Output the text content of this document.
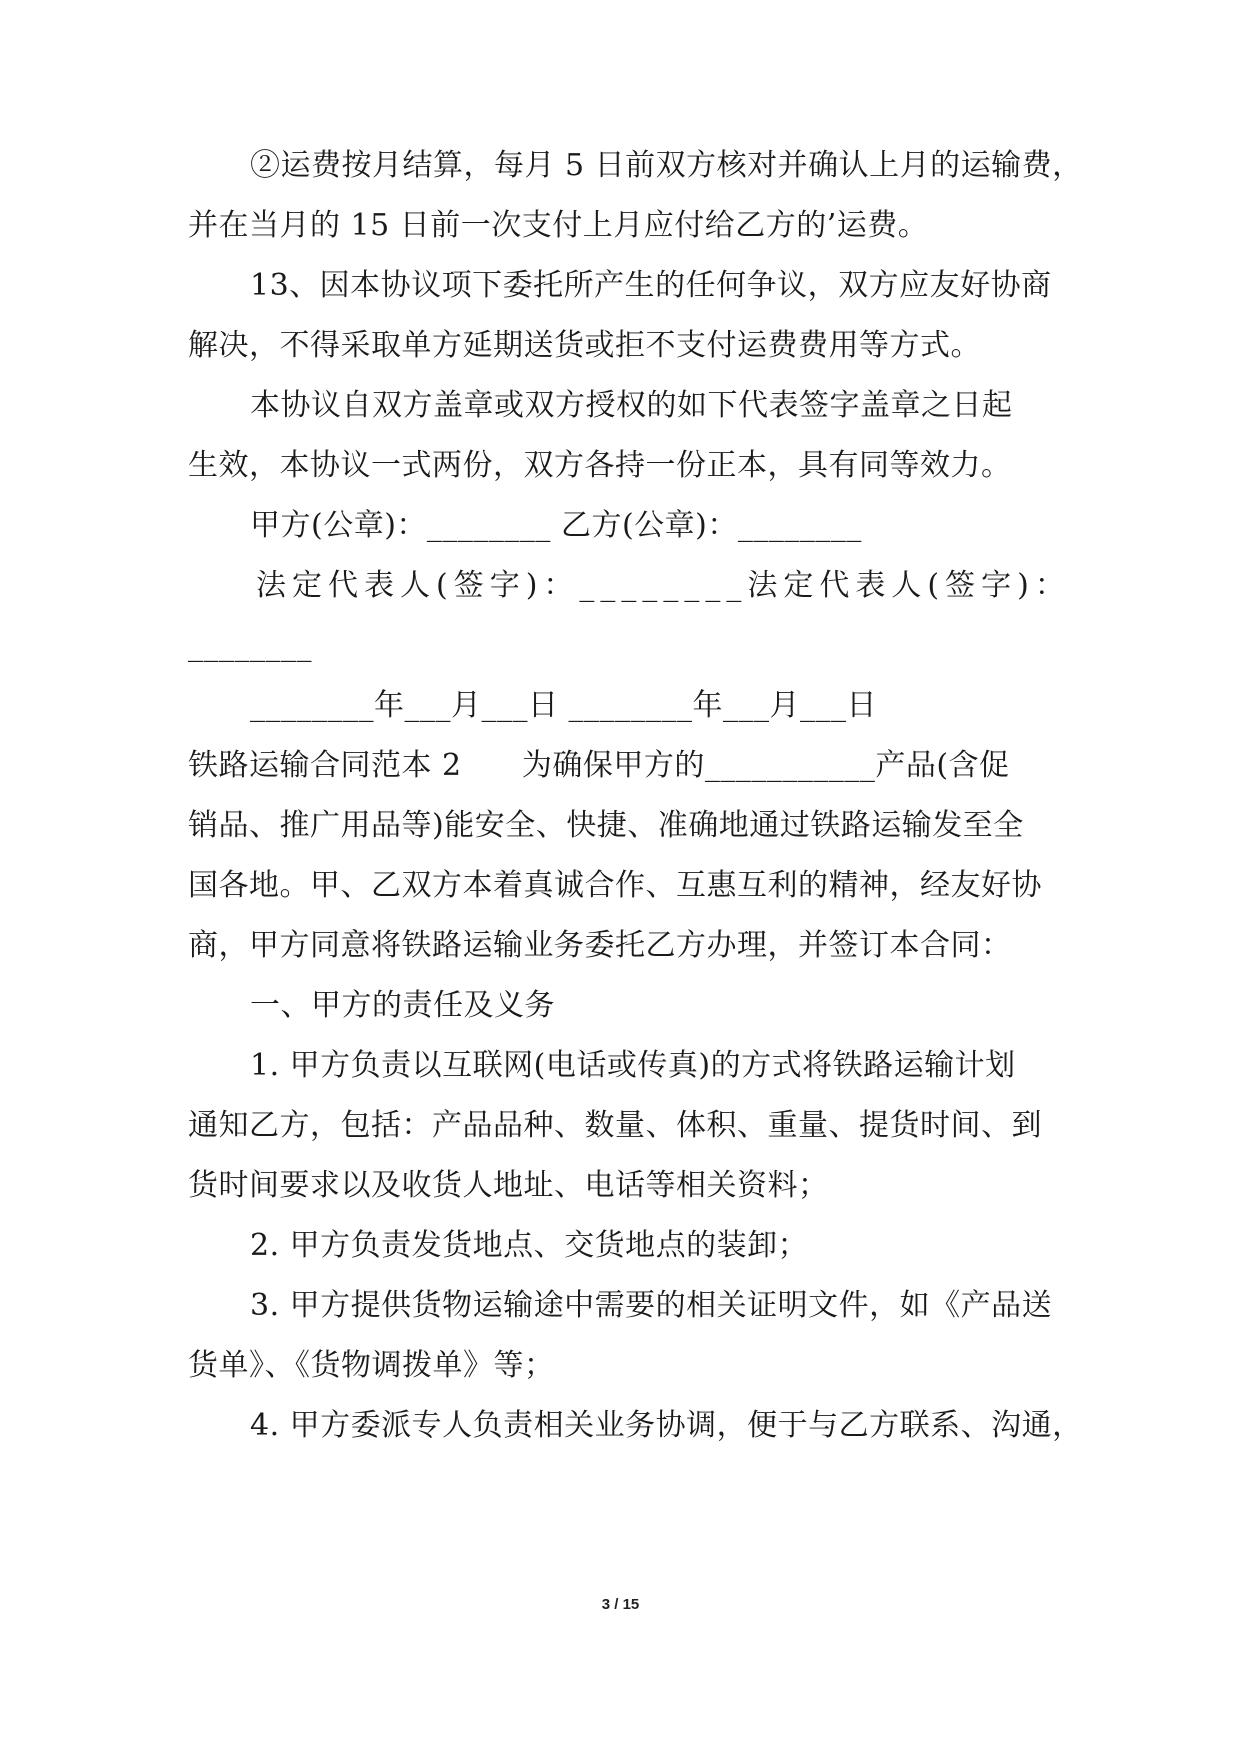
②运费按月结算，每月 5 日前双方核对并确认上月的运输费，
并在当月的 15 日前一次支付上月应付给乙方的’运费。
13、因本协议项下委托所产生的任何争议，双方应友好协商
解决，不得采取单方延期送货或拒不支付运费费用等方式。
本协议自双方盖章或双方授权的如下代表签字盖章之日起
生效，本协议一式两份，双方各持一份正本，具有同等效力。
甲方(公章)：________ 乙方(公章)：________
法定代表人(签字)：________法定代表人(签字)：
________
________年___月___日 ________年___月___日
铁路运输合同范本 2      为确保甲方的___________产品(含促
销品、推广用品等)能安全、快捷、准确地通过铁路运输发至全
国各地。甲、乙双方本着真诚合作、互惠互利的精神，经友好协
商，甲方同意将铁路运输业务委托乙方办理，并签订本合同：
一、甲方的责任及义务
1. 甲方负责以互联网(电话或传真)的方式将铁路运输计划
通知乙方，包括：产品品种、数量、体积、重量、提货时间、到
货时间要求以及收货人地址、电话等相关资料；
2. 甲方负责发货地点、交货地点的装卸；
3. 甲方提供货物运输途中需要的相关证明文件，如《产品送
货单》、《货物调拨单》等；
4. 甲方委派专人负责相关业务协调，便于与乙方联系、沟通，
3 / 15
